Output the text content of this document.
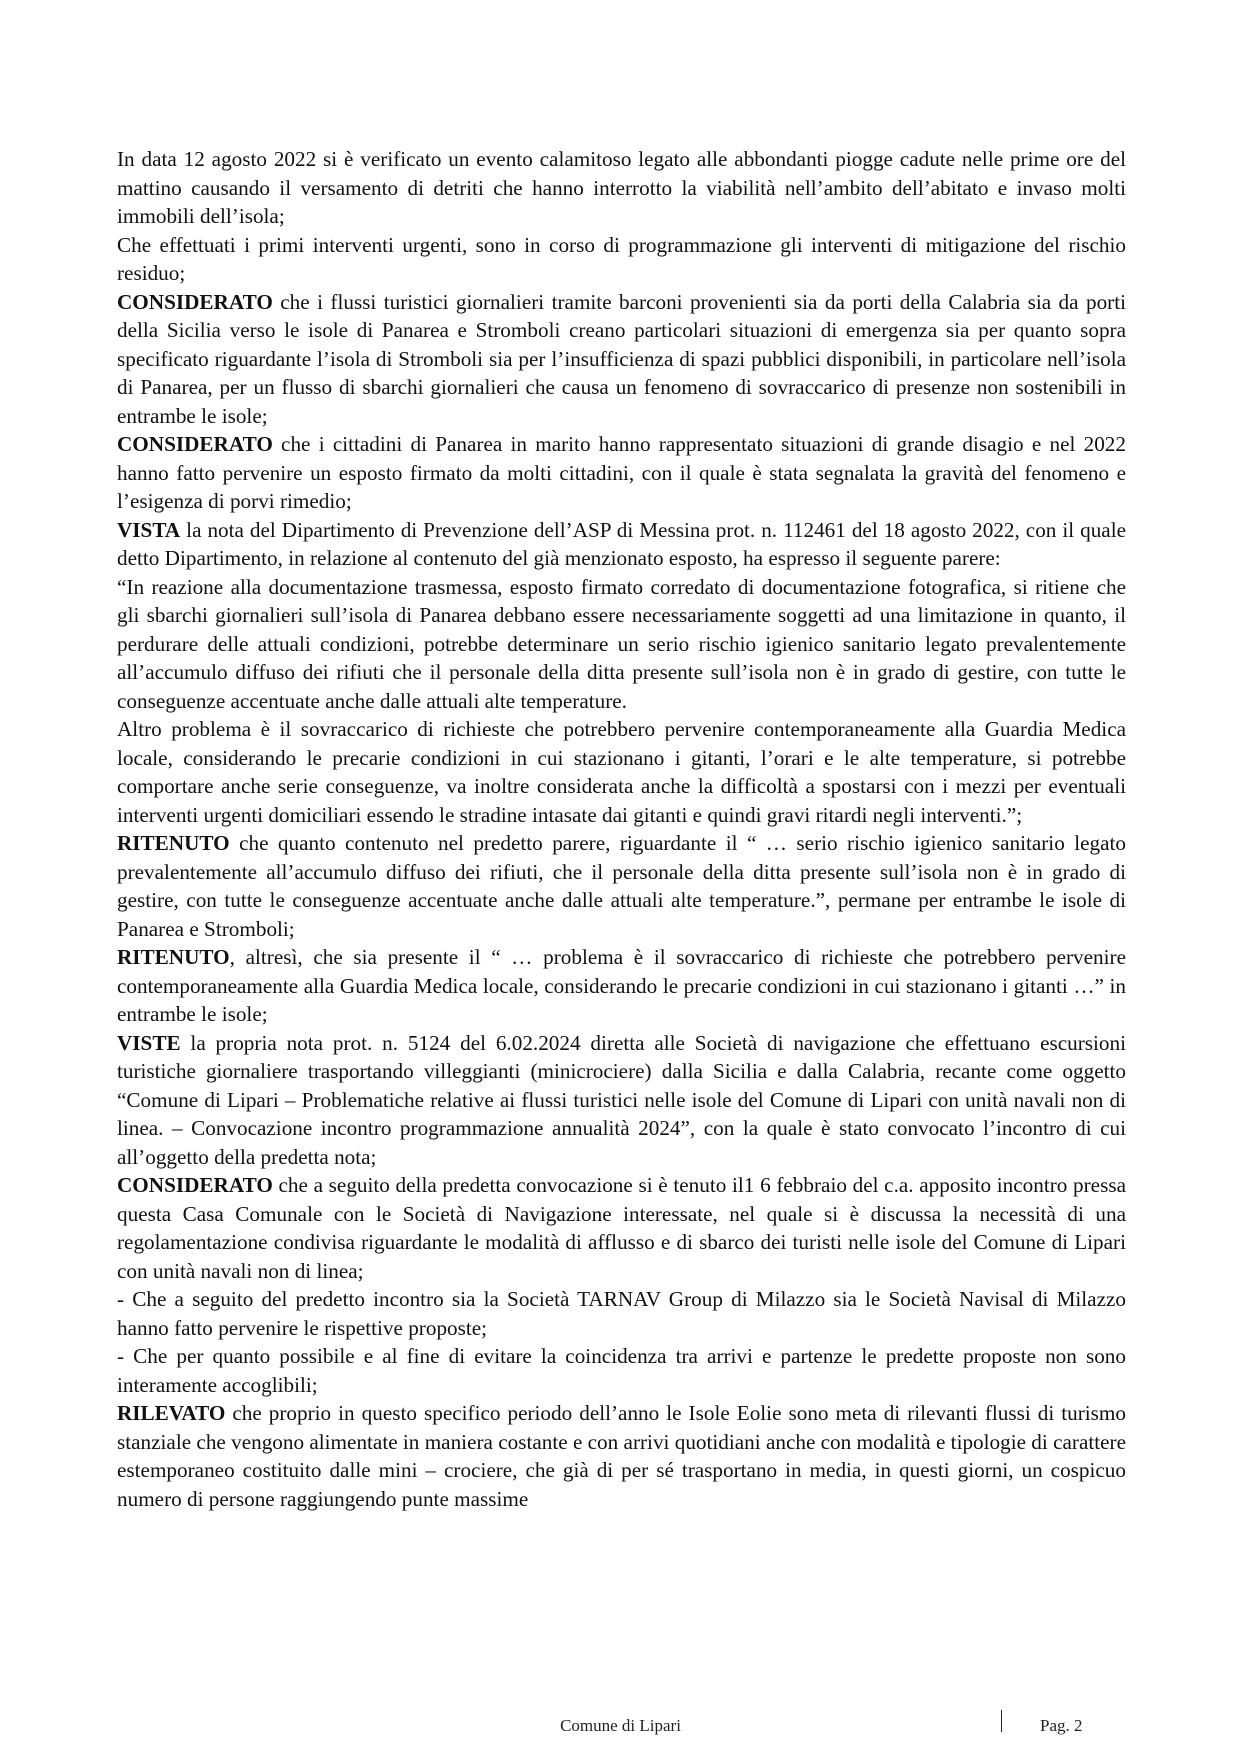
In data 12 agosto 2022 si è verificato un evento calamitoso legato alle abbondanti piogge cadute nelle prime ore del mattino causando il versamento di detriti che hanno interrotto la viabilità nell’ambito dell’abitato e invaso molti immobili dell’isola;

Che effettuati i primi interventi urgenti, sono in corso di programmazione gli interventi di mitigazione del rischio residuo;

CONSIDERATO che i flussi turistici giornalieri tramite barconi provenienti sia da porti della Calabria sia da porti della Sicilia verso le isole di Panarea e Stromboli creano particolari situazioni di emergenza sia per quanto sopra specificato riguardante l’isola di Stromboli sia per l’insufficienza di spazi pubblici disponibili, in particolare nell’isola di Panarea, per un flusso di sbarchi giornalieri che causa un fenomeno di sovraccarico di presenze non sostenibili in entrambe le isole;

CONSIDERATO che i cittadini di Panarea in marito hanno rappresentato situazioni di grande disagio e nel 2022 hanno fatto pervenire un esposto firmato da molti cittadini, con il quale è stata segnalata la gravità del fenomeno e l’esigenza di porvi rimedio;

VISTA la nota del Dipartimento di Prevenzione dell’ASP di Messina prot. n. 112461 del 18 agosto 2022, con il quale detto Dipartimento, in relazione al contenuto del già menzionato esposto, ha espresso il seguente parere:

“In reazione alla documentazione trasmessa, esposto firmato corredato di documentazione fotografica, si ritiene che gli sbarchi giornalieri sull’isola di Panarea debbano essere necessariamente soggetti ad una limitazione in quanto, il perdurare delle attuali condizioni, potrebbe determinare un serio rischio igienico sanitario legato prevalentemente all’accumulo diffuso dei rifiuti che il personale della ditta presente sull’isola non è in grado di gestire, con tutte le conseguenze accentuate anche dalle attuali alte temperature.

Altro problema è il sovraccarico di richieste che potrebbero pervenire contemporaneamente alla Guardia Medica locale, considerando le precarie condizioni in cui stazionano i gitanti, l’orari e le alte temperature, si potrebbe comportare anche serie conseguenze, va inoltre considerata anche la difficoltà a spostarsi con i mezzi per eventuali interventi urgenti domiciliari essendo le stradine intasate dai gitanti e quindi gravi ritardi negli interventi.”;

RITENUTO che quanto contenuto nel predetto parere, riguardante il “ … serio rischio igienico sanitario legato prevalentemente all’accumulo diffuso dei rifiuti, che il personale della ditta presente sull’isola non è in grado di gestire, con tutte le conseguenze accentuate anche dalle attuali alte temperature.”, permane per entrambe le isole di Panarea e Stromboli;

RITENUTO, altresì, che sia presente il “ … problema è il sovraccarico di richieste che potrebbero pervenire contemporaneamente alla Guardia Medica locale, considerando le precarie condizioni in cui stazionano i gitanti …” in entrambe le isole;

VISTE la propria nota prot. n. 5124 del 6.02.2024 diretta alle Società di navigazione che effettuano escursioni turistiche giornaliere trasportando villeggianti (minicrociere) dalla Sicilia e dalla Calabria, recante come oggetto “Comune di Lipari – Problematiche relative ai flussi turistici nelle isole del Comune di Lipari con unità navali non di linea. – Convocazione incontro programmazione annualità 2024”, con la quale è stato convocato l’incontro di cui all’oggetto della predetta nota;

CONSIDERATO che a seguito della predetta convocazione si è tenuto il1 6 febbraio del c.a. apposito incontro pressa questa Casa Comunale con le Società di Navigazione interessate, nel quale si è discussa la necessità di una regolamentazione condivisa riguardante le modalità di afflusso e di sbarco dei turisti nelle isole del Comune di Lipari con unità navali non di linea;

- Che a seguito del predetto incontro sia la Società TARNAV Group di Milazzo sia le Società Navisal di Milazzo hanno fatto pervenire le rispettive proposte;

- Che per quanto possibile e al fine di evitare la coincidenza tra arrivi e partenze le predette proposte non sono interamente accoglibili;

RILEVATO che proprio in questo specifico periodo dell’anno le Isole Eolie sono meta di rilevanti flussi di turismo stanziale che vengono alimentate in maniera costante e con arrivi quotidiani anche con modalità e tipologie di carattere estemporaneo costituito dalle mini – crociere, che già di per sé trasportano in media, in questi giorni, un cospicuo numero di persone raggiungendo punte massime

Comune di Lipari	Pag. 2
